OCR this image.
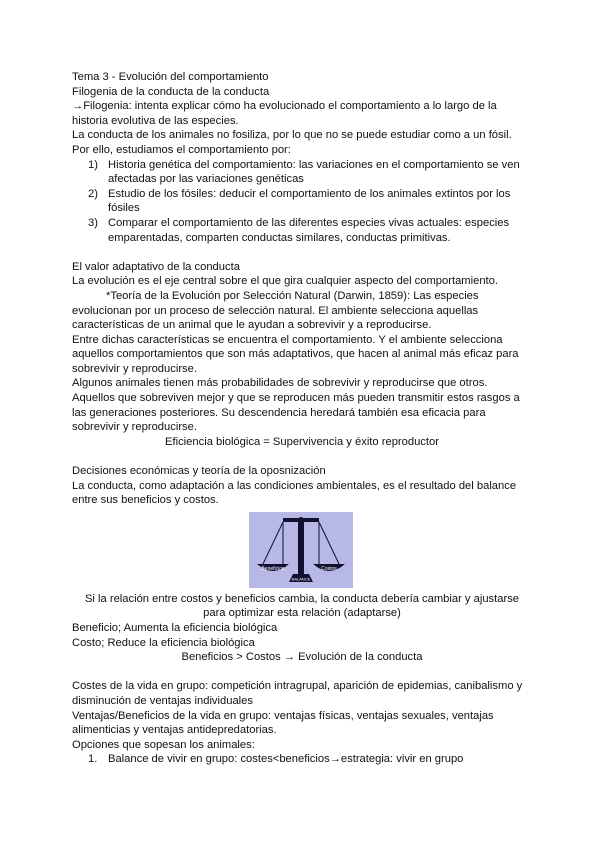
Tema 3 - Evolución del comportamiento

Filogenia de la conducta de la conducta

→Filogenia: intenta explicar cómo ha evolucionado el comportamiento a lo largo de la

historia evolutiva de las especies.

La conducta de los animales no fosiliza, por lo que no se puede estudiar como a un fósil.

Por ello, estudiamos el comportamiento por:

1) Historia genética del comportamiento: las variaciones en el comportamiento se ven
afectadas por las variaciones genéticas
2) Estudio de los fósiles: deducir el comportamiento de los animales extintos por los
fósiles
3) Comparar el comportamiento de las diferentes especies vivas actuales: especies
emparentadas, comparten conductas similares, conductas primitivas.

El valor adaptativo de la conducta

La evolución es el eje central sobre el que gira cualquier aspecto del comportamiento.

*Teoría de la Evolución por Selección Natural (Darwin, 1859): Las especies

evolucionan por un proceso de selección natural. El ambiente selecciona aquellas

características de un animal que le ayudan a sobrevivir y a reproducirse.

Entre dichas características se encuentra el comportamiento. Y el ambiente selecciona

aquellos comportamientos que son más adaptativos, que hacen al animal más eficaz para

sobrevivir y reproducirse.

Algunos animales tienen más probabilidades de sobrevivir y reproducirse que otros.

Aquellos que sobreviven mejor y que se reproducen más pueden transmitir estos rasgos a

las generaciones posteriores. Su descendencia heredará también esa eficacia para

sobrevivir y reproducirse.

Eficiencia biológica = Supervivencia y éxito reproductor

Decisiones económicas y teoría de la oposnización

La conducta, como adaptación a las condiciones ambientales, es el resultado del balance

entre sus beneficios y costos.

Beneficios	Costos
BALANCE

Si la relación entre costos y beneficios cambia, la conducta debería cambiar y ajustarse

para optimizar esta relación (adaptarse)

Beneficio; Aumenta la eficiencia biológica

Costo; Reduce la eficiencia biológica

Beneficios > Costos → Evolución de la conducta

Costes de la vida en grupo: competición intragrupal, aparición de epidemias, canibalismo y

disminución de ventajas individuales

Ventajas/Beneficios de la vida en grupo: ventajas físicas, ventajas sexuales, ventajas

alimenticias y ventajas antidepredatorias.

Opciones que sopesan los animales:

1. Balance de vivir en grupo: costes<beneficios→estrategia: vivir en grupo
